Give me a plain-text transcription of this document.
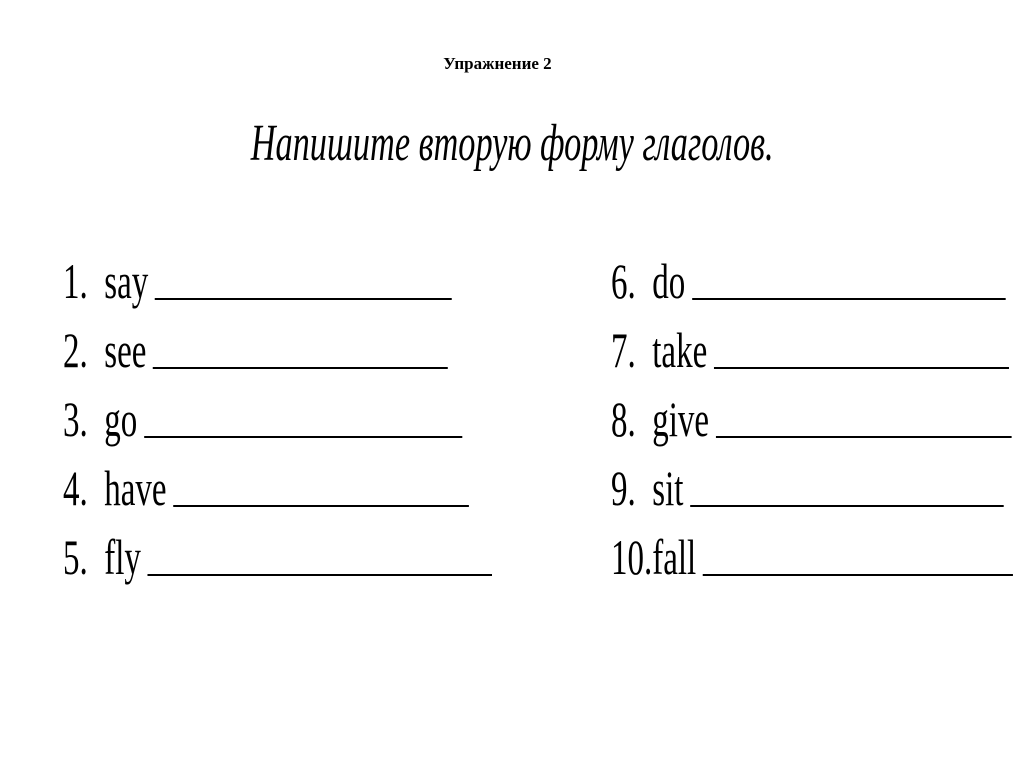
Упражнение 2
Напишите вторую форму глаголов.

1. say

2. see

3. go

4. have

5. fly

6. do

7. take

8. give

9. sit

10.fall
